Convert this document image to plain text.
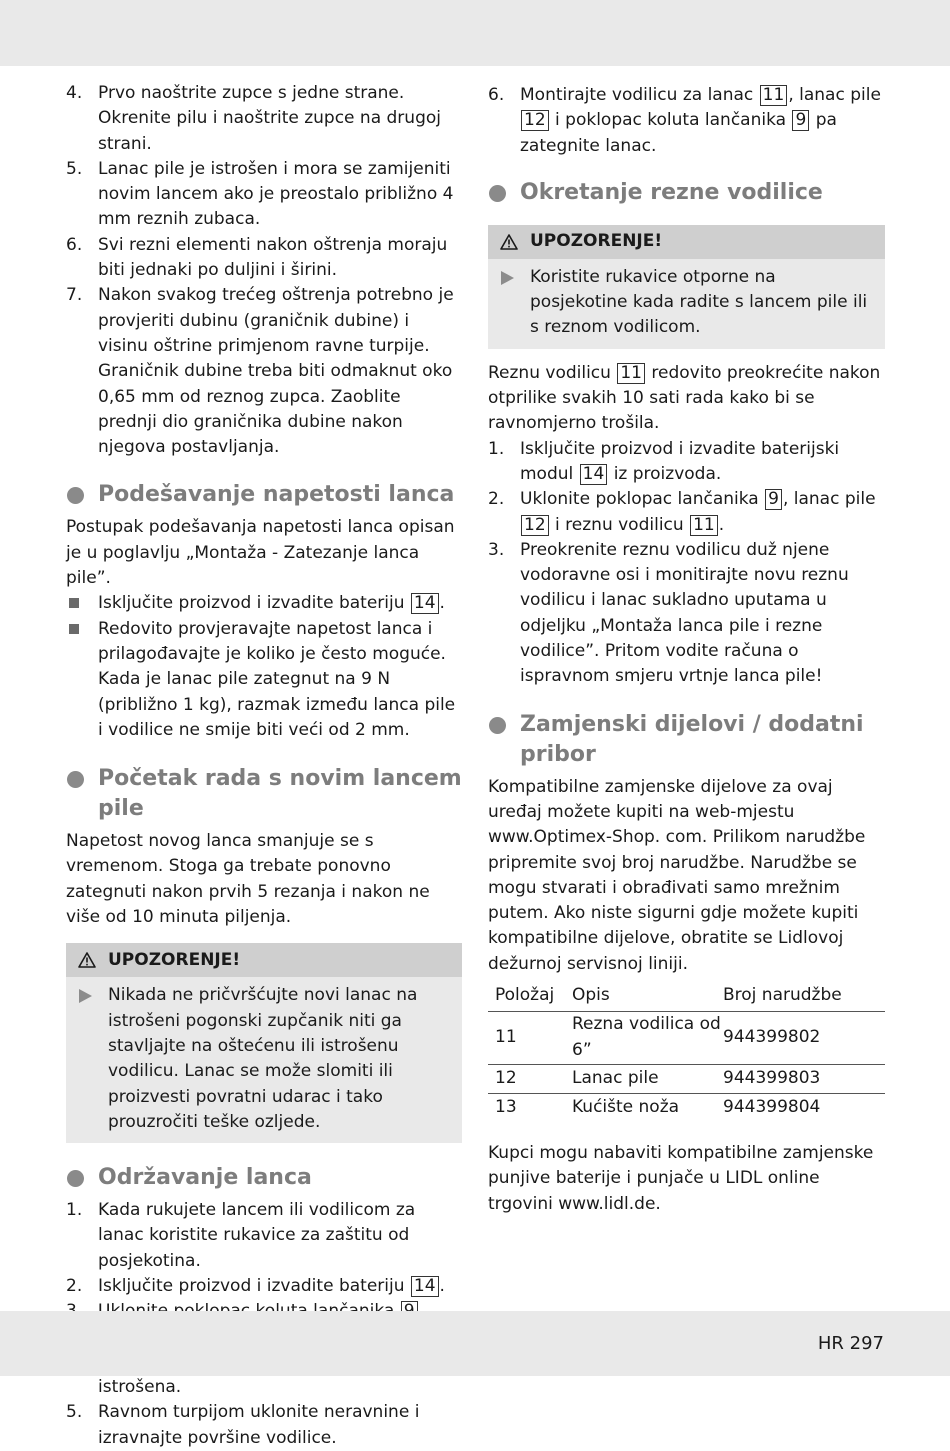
4. Prvo naoštrite zupce s jedne strane. Okrenite pilu i naoštrite zupce na drugoj strani.
5. Lanac pile je istrošen i mora se zamijeniti novim lancem ako je preostalo približno 4 mm reznih zubaca.
6. Svi rezni elementi nakon oštrenja moraju biti jednaki po duljini i širini.
7. Nakon svakog trećeg oštrenja potrebno je provjeriti dubinu (graničnik dubine) i visinu oštrine primjenom ravne turpije. Graničnik dubine treba biti odmaknut oko 0,65 mm od reznog zupca. Zaoblite prednji dio graničnika dubine nakon njegova postavljanja.
Podešavanje napetosti lanca
Postupak podešavanja napetosti lanca opisan je u poglavlju „Montaža - Zatezanje lanca pile”.
Isključite proizvod i izvadite bateriju 14 .
Redovito provjeravajte napetost lanca i prilagođavajte je koliko je često moguće. Kada je lanac pile zategnut na 9 N (približno 1 kg), razmak između lanca pile i vodilice ne smije biti veći od 2 mm.
Početak rada s novim lancem pile
Napetost novog lanca smanjuje se s vremenom. Stoga ga trebate ponovno zategnuti nakon prvih 5 rezanja i nakon ne više od 10 minuta piljenja.
UPOZORENJE!
Nikada ne pričvršćujte novi lanac na istrošeni pogonski zupčanik niti ga stavljajte na oštećenu ili istrošenu vodilicu. Lanac se može slomiti ili proizvesti povratni udarac i tako prouzročiti teške ozljede.
Održavanje lanca
1. Kada rukujete lancem ili vodilicom za lanac koristite rukavice za zaštitu od posjekotina.
2. Isključite proizvod i izvadite bateriju 14 .

istrošena.
5. Ravnom turpijom uklonite neravnine i izravnajte površine vodilice.
6. Montirajte vodilicu za lanac 11 , lanac pile 12 i poklopac koluta lančanika 9 pa zategnite lanac.
Okretanje rezne vodilice
UPOZORENJE!
Koristite rukavice otporne na posjekotine kada radite s lancem pile ili s reznom vodilicom.
Reznu vodilicu 11 redovito preokrećite nakon otprilike svakih 10 sati rada kako bi se ravnomjerno trošila.
1. Isključite proizvod i izvadite baterijski modul 14 iz proizvoda.
2. Uklonite poklopac lančanika 9 , lanac pile 12 i reznu vodilicu 11 .
3. Preokrenite reznu vodilicu duž njene vodoravne osi i monitirajte novu reznu vodilicu i lanac sukladno uputama u odjeljku „Montaža lanca pile i rezne vodilice”. Pritom vodite računa o ispravnom smjeru vrtnje lanca pile!
Zamjenski dijelovi / dodatni pribor
Kompatibilne zamjenske dijelove za ovaj uređaj možete kupiti na web-mjestu www.Optimex-Shop. com. Prilikom narudžbe pripremite svoj broj narudžbe. Narudžbe se mogu stvarati i obrađivati samo mrežnim putem. Ako niste sigurni gdje možete kupiti kompatibilne dijelove, obratite se Lidlovoj dežurnoj servisnoj liniji.
Položaj	Opis	Broj narudžbe
11	Rezna vodilica od 6”	944399802
12	Lanac pile	944399803
13	Kućište noža	944399804
Kupci mogu nabaviti kompatibilne zamjenske punjive baterije i punjače u LIDL online trgovini www.lidl.de.
HR 297
